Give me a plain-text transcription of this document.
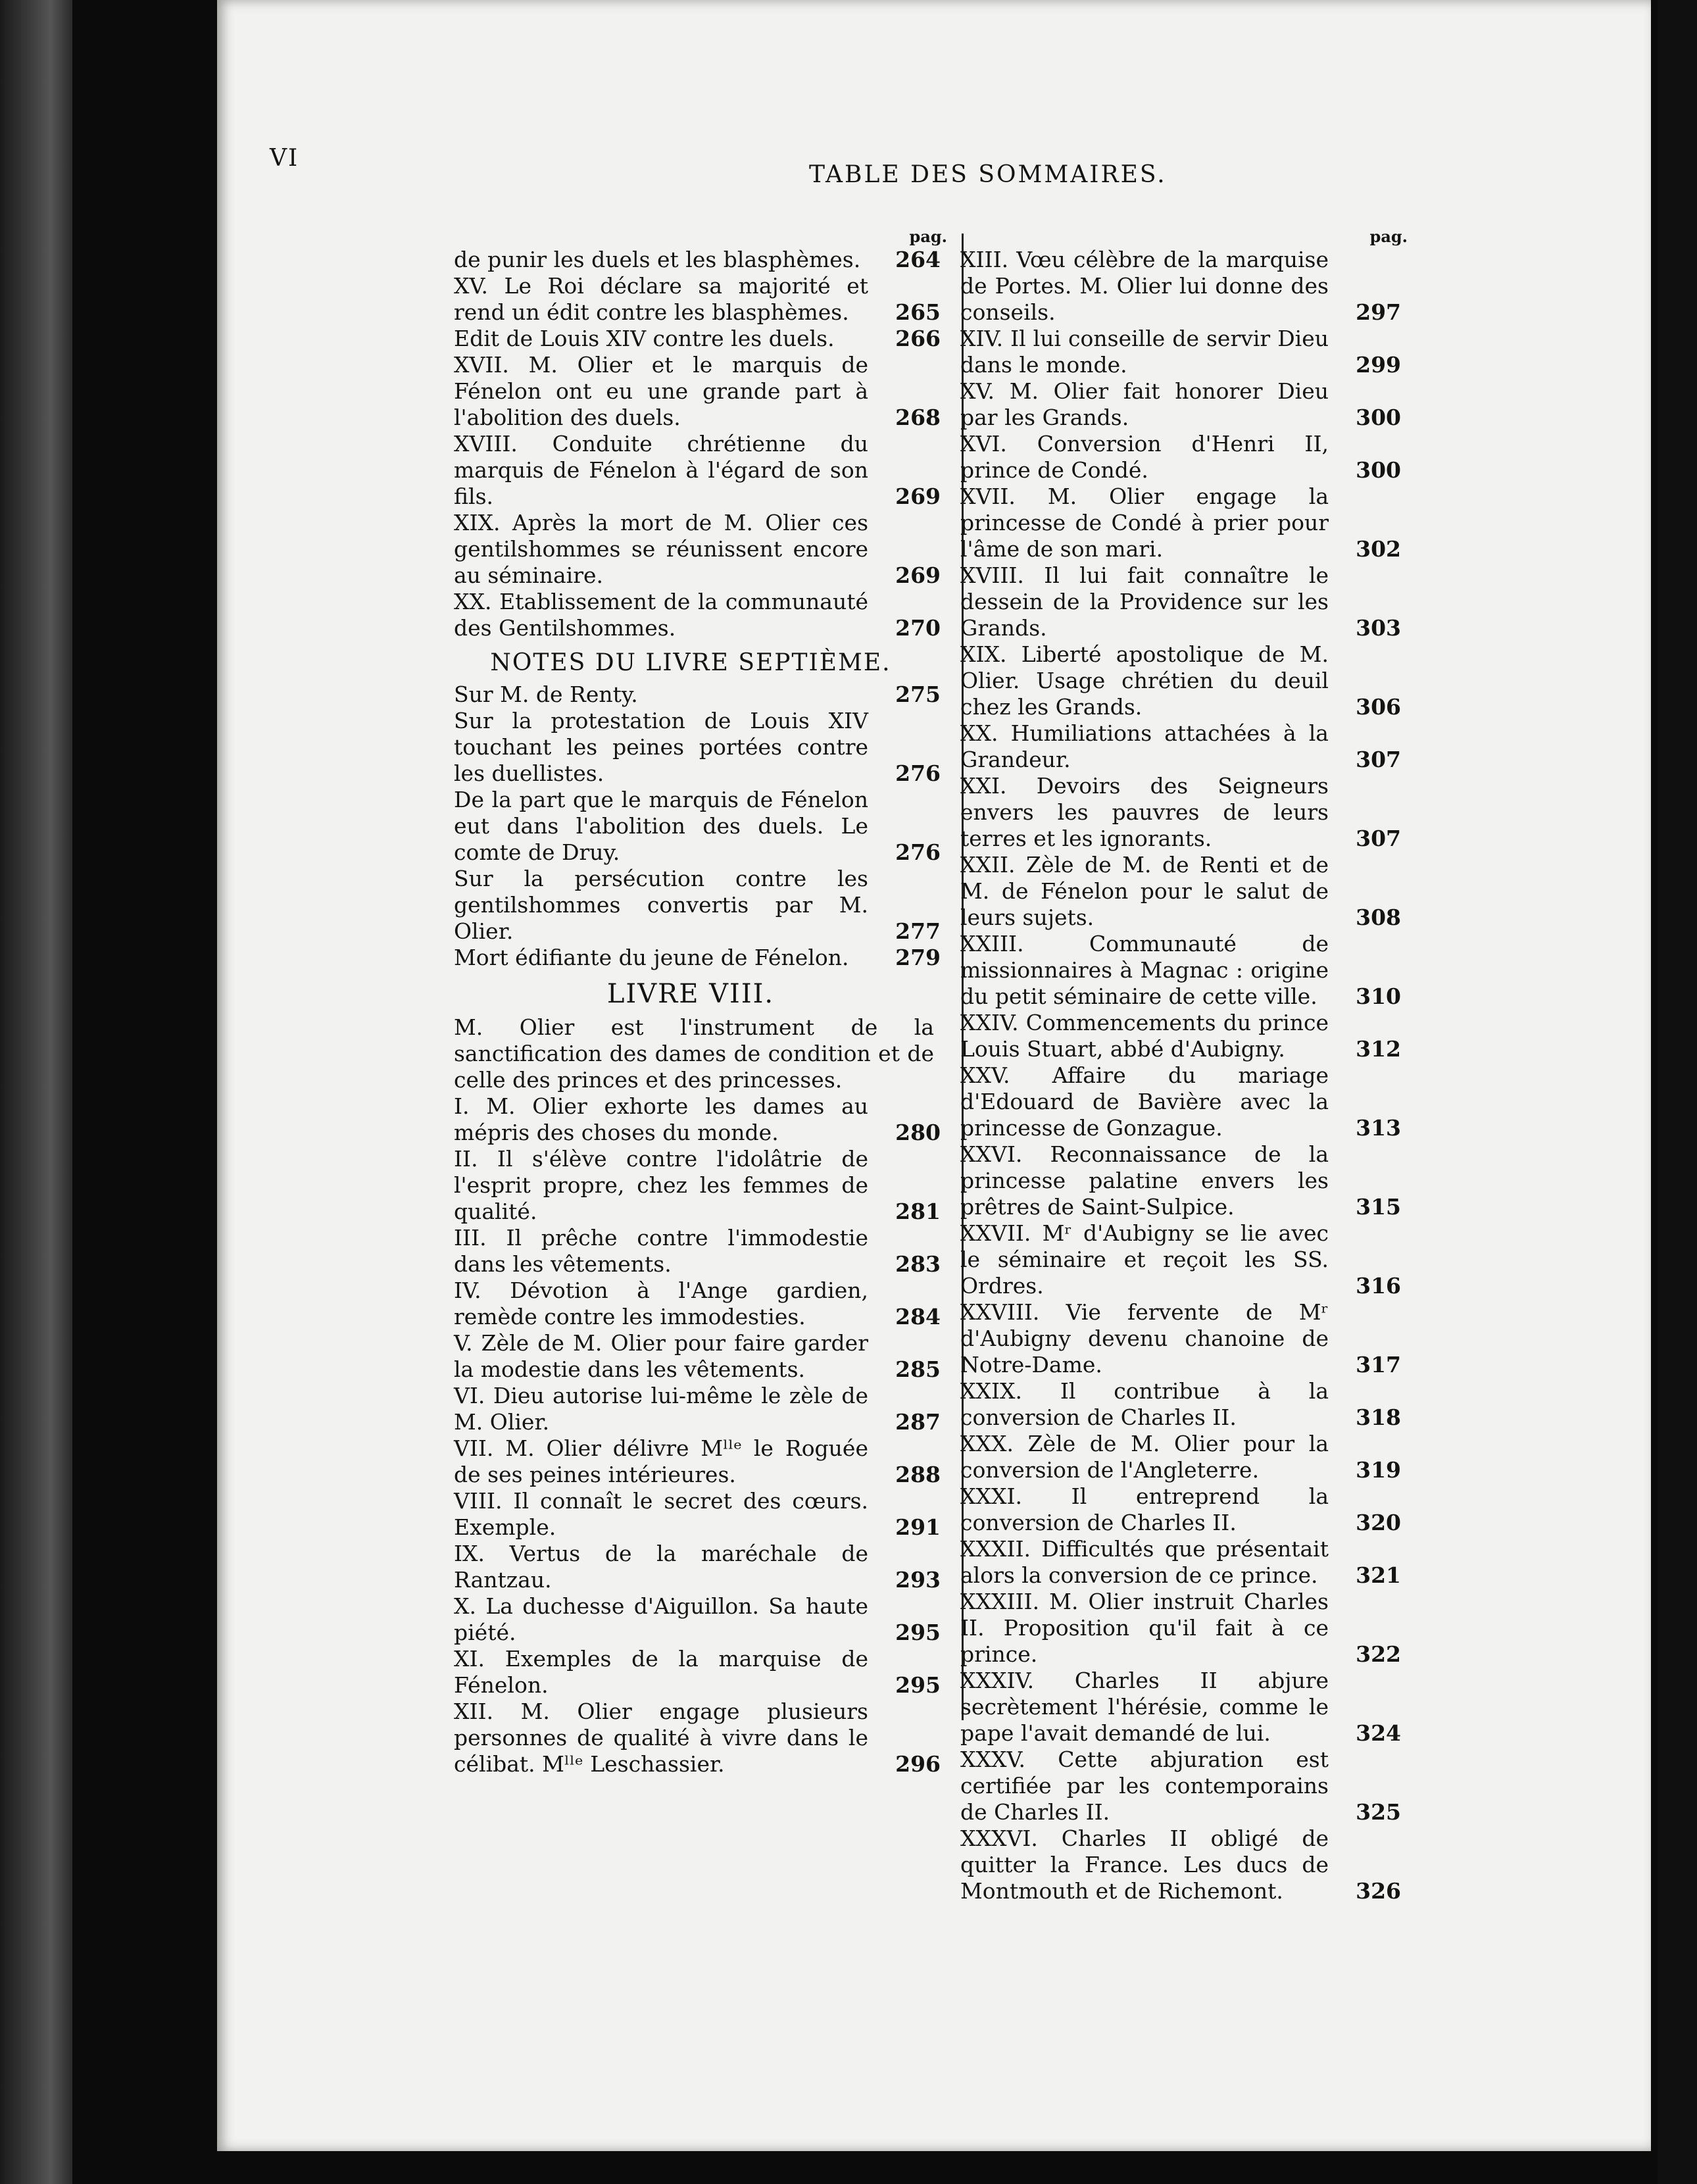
VI
TABLE DES SOMMAIRES.
pag.
de punir les duels et les blasphèmes. 264
XV. Le Roi déclare sa majorité et rend un édit contre les blasphèmes. 265
Edit de Louis XIV contre les duels.	266
XVII. M. Olier et le marquis de Fénelon ont eu une grande part à l'abolition des duels.	268
XVIII. Conduite chrétienne du marquis de Fénelon à l'égard de son fils.	269
XIX. Après la mort de M. Olier ces gentilshommes se réunissent encore au séminaire.	269
XX. Etablissement de la communauté des Gentilshommes.	270
NOTES DU LIVRE SEPTIÈME.
Sur M. de Renty.	275
Sur la protestation de Louis XIV touchant les peines portées contre les duellistes.	276
De la part que le marquis de Fénelon eut dans l'abolition des duels. Le comte de Druy.	276
Sur la persécution contre les gentilshommes convertis par M. Olier.	277
Mort édifiante du jeune de Fénelon. 279
LIVRE VIII.
M. Olier est l'instrument de la sanctification des dames de condition et de celle des princes et des princesses.
I. M. Olier exhorte les dames au mépris des choses du monde.	280
II. Il s'élève contre l'idolâtrie de l'esprit propre, chez les femmes de qualité.	281
III. Il prêche contre l'immodestie dans les vêtements.	283
IV. Dévotion à l'Ange gardien, remède contre les immodesties.	284
V. Zèle de M. Olier pour faire garder la modestie dans les vêtements.	285
VI. Dieu autorise lui-même le zèle de M. Olier.	287
VII. M. Olier délivre Mˡˡᵉ le Roguée de ses peines intérieures.	288
VIII. Il connaît le secret des cœurs. Exemple.	291
IX. Vertus de la maréchale de Rantzau.	293
X. La duchesse d'Aiguillon. Sa haute piété.	295
XI. Exemples de la marquise de Fénelon.	295
XII. M. Olier engage plusieurs personnes de qualité à vivre dans le célibat. Mˡˡᵉ Leschassier.	296
pag.
XIII. Vœu célèbre de la marquise de Portes. M. Olier lui donne des conseils.	297
XIV. Il lui conseille de servir Dieu dans le monde.	299
XV. M. Olier fait honorer Dieu par les Grands.	300
XVI. Conversion d'Henri II, prince de Condé.	300
XVII. M. Olier engage la princesse de Condé à prier pour l'âme de son mari.	302
XVIII. Il lui fait connaître le dessein de la Providence sur les Grands.	303
XIX. Liberté apostolique de M. Olier. Usage chrétien du deuil chez les Grands.	306
XX. Humiliations attachées à la Grandeur.	307
XXI. Devoirs des Seigneurs envers les pauvres de leurs terres et les ignorants.	307
XXII. Zèle de M. de Renti et de M. de Fénelon pour le salut de leurs sujets.	308
XXIII. Communauté de missionnaires à Magnac : origine du petit séminaire de cette ville. 310
XXIV. Commencements du prince Louis Stuart, abbé d'Aubigny.	312
XXV. Affaire du mariage d'Edouard de Bavière avec la princesse de Gonzague.	313
XXVI. Reconnaissance de la princesse palatine envers les prêtres de Saint-Sulpice.	315
XXVII. Mʳ d'Aubigny se lie avec le séminaire et reçoit les SS. Ordres.	316
XXVIII. Vie fervente de Mʳ d'Aubigny devenu chanoine de Notre-Dame.	317
XXIX. Il contribue à la conversion de Charles II.	318
XXX. Zèle de M. Olier pour la conversion de l'Angleterre.	319
XXXI. Il entreprend la conversion de Charles II.	320
XXXII. Difficultés que présentait alors la conversion de ce prince. 321
XXXIII. M. Olier instruit Charles II. Proposition qu'il fait à ce prince.	322
XXXIV. Charles II abjure secrètement l'hérésie, comme le pape l'avait demandé de lui.	324
XXXV. Cette abjuration est certifiée par les contemporains de Charles II.	325
XXXVI. Charles II obligé de quitter la France. Les ducs de Montmouth et de Richemont.	326
